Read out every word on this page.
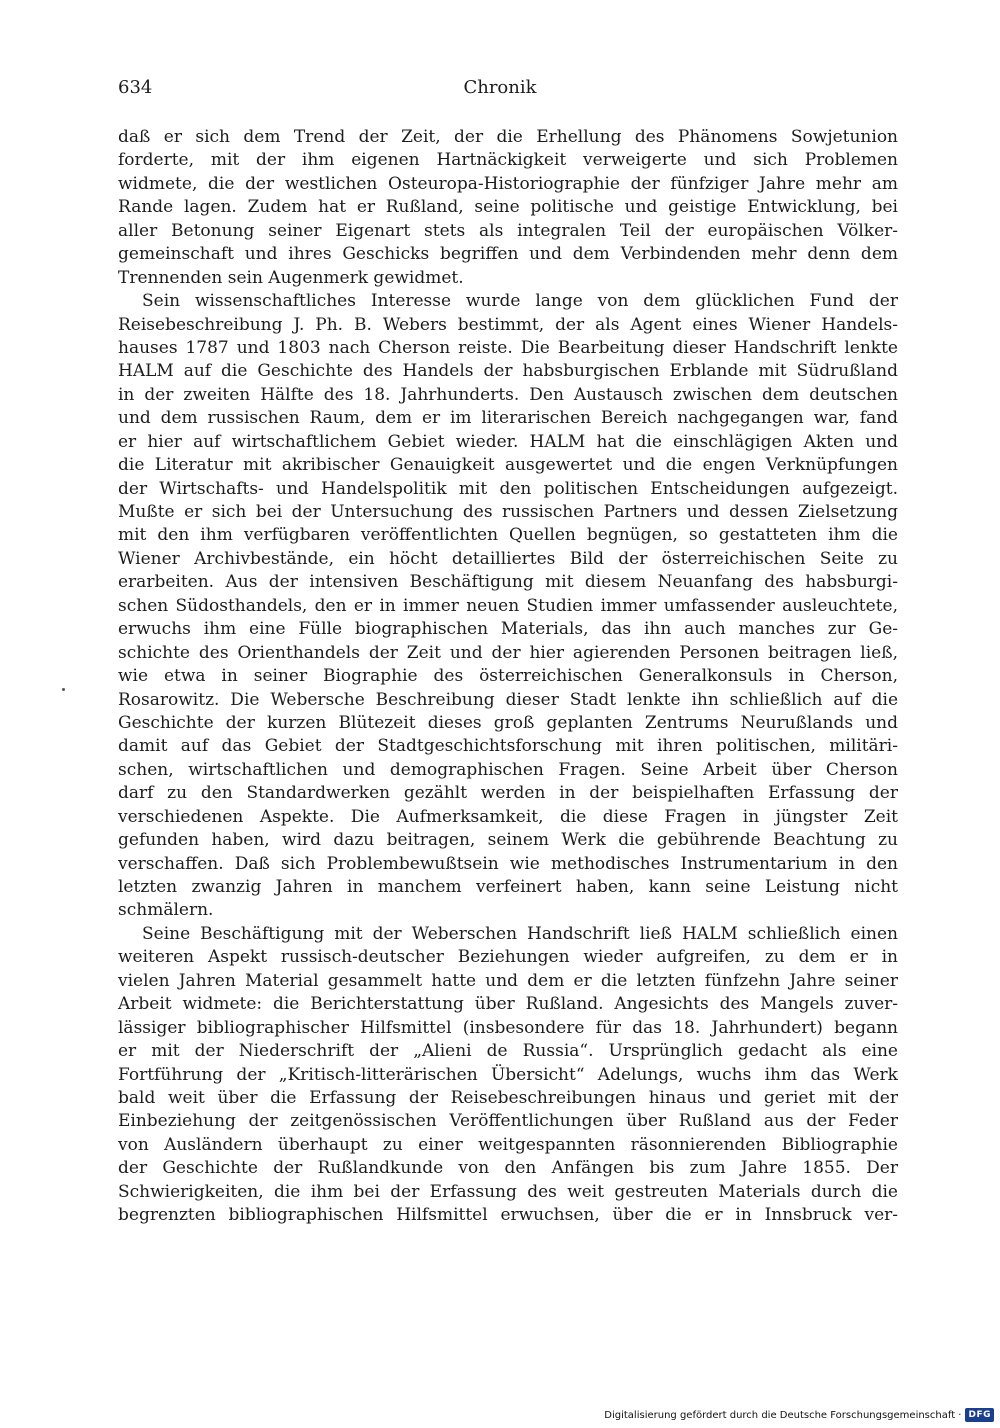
634	Chronik
daß er sich dem Trend der Zeit, der die Erhellung des Phänomens Sowjetunion
forderte, mit der ihm eigenen Hartnäckigkeit verweigerte und sich Problemen
widmete, die der westlichen Osteuropa-Historiographie der fünfziger Jahre mehr am
Rande lagen. Zudem hat er Rußland, seine politische und geistige Entwicklung, bei
aller Betonung seiner Eigenart stets als integralen Teil der europäischen Völker-
gemeinschaft und ihres Geschicks begriffen und dem Verbindenden mehr denn dem
Trennenden sein Augenmerk gewidmet.
Sein wissenschaftliches Interesse wurde lange von dem glücklichen Fund der
Reisebeschreibung J. Ph. B. Webers bestimmt, der als Agent eines Wiener Handels-
hauses 1787 und 1803 nach Cherson reiste. Die Bearbeitung dieser Handschrift lenkte
HALM auf die Geschichte des Handels der habsburgischen Erblande mit Südrußland
in der zweiten Hälfte des 18. Jahrhunderts. Den Austausch zwischen dem deutschen
und dem russischen Raum, dem er im literarischen Bereich nachgegangen war, fand
er hier auf wirtschaftlichem Gebiet wieder. HALM hat die einschlägigen Akten und
die Literatur mit akribischer Genauigkeit ausgewertet und die engen Verknüpfungen
der Wirtschafts- und Handelspolitik mit den politischen Entscheidungen aufgezeigt.
Mußte er sich bei der Untersuchung des russischen Partners und dessen Zielsetzung
mit den ihm verfügbaren veröffentlichten Quellen begnügen, so gestatteten ihm die
Wiener Archivbestände, ein höcht detailliertes Bild der österreichischen Seite zu
erarbeiten. Aus der intensiven Beschäftigung mit diesem Neuanfang des habsburgi-
schen Südosthandels, den er in immer neuen Studien immer umfassender ausleuchtete,
erwuchs ihm eine Fülle biographischen Materials, das ihn auch manches zur Ge-
schichte des Orienthandels der Zeit und der hier agierenden Personen beitragen ließ,
wie etwa in seiner Biographie des österreichischen Generalkonsuls in Cherson,
Rosarowitz. Die Webersche Beschreibung dieser Stadt lenkte ihn schließlich auf die
Geschichte der kurzen Blütezeit dieses groß geplanten Zentrums Neurußlands und
damit auf das Gebiet der Stadtgeschichtsforschung mit ihren politischen, militäri-
schen, wirtschaftlichen und demographischen Fragen. Seine Arbeit über Cherson
darf zu den Standardwerken gezählt werden in der beispielhaften Erfassung der
verschiedenen Aspekte. Die Aufmerksamkeit, die diese Fragen in jüngster Zeit
gefunden haben, wird dazu beitragen, seinem Werk die gebührende Beachtung zu
verschaffen. Daß sich Problembewußtsein wie methodisches Instrumentarium in den
letzten zwanzig Jahren in manchem verfeinert haben, kann seine Leistung nicht
schmälern.
Seine Beschäftigung mit der Weberschen Handschrift ließ HALM schließlich einen
weiteren Aspekt russisch-deutscher Beziehungen wieder aufgreifen, zu dem er in
vielen Jahren Material gesammelt hatte und dem er die letzten fünfzehn Jahre seiner
Arbeit widmete: die Berichterstattung über Rußland. Angesichts des Mangels zuver-
lässiger bibliographischer Hilfsmittel (insbesondere für das 18. Jahrhundert) begann
er mit der Niederschrift der „Alieni de Russia“. Ursprünglich gedacht als eine
Fortführung der „Kritisch-litterärischen Übersicht“ Adelungs, wuchs ihm das Werk
bald weit über die Erfassung der Reisebeschreibungen hinaus und geriet mit der
Einbeziehung der zeitgenössischen Veröffentlichungen über Rußland aus der Feder
von Ausländern überhaupt zu einer weitgespannten räsonnierenden Bibliographie
der Geschichte der Rußlandkunde von den Anfängen bis zum Jahre 1855. Der
Schwierigkeiten, die ihm bei der Erfassung des weit gestreuten Materials durch die
begrenzten bibliographischen Hilfsmittel erwuchsen, über die er in Innsbruck ver-
Digitalisierung gefördert durch die Deutsche Forschungsgemeinschaft · DFG
